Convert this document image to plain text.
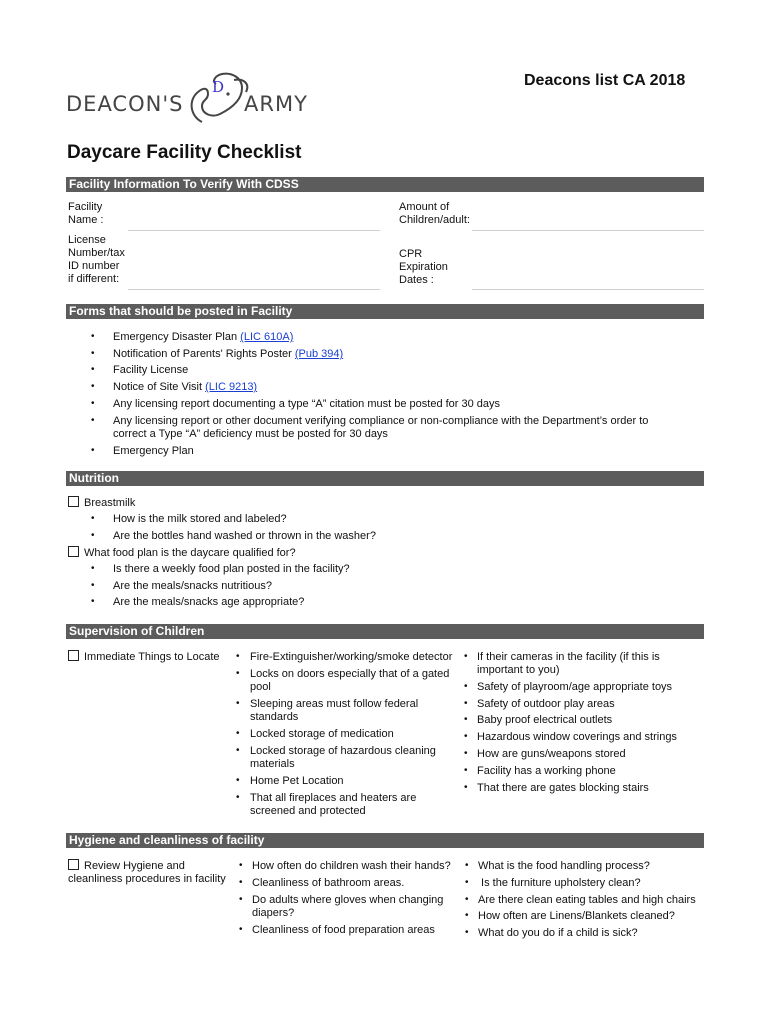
DEACON'S
D
ARMY
Deacons list CA 2018
Daycare Facility Checklist
Facility Information To Verify With CDSS
Facility
Name :
Amount of
Children/adult:
License
Number/tax
ID number
if different:
CPR
Expiration
Dates :
Forms that should be posted in Facility
• Emergency Disaster Plan (LIC 610A)
• Notification of Parents' Rights Poster (Pub 394)
• Facility License
• Notice of Site Visit (LIC 9213)
• Any licensing report documenting a type “A” citation must be posted for 30 days
• Any licensing report or other document verifying compliance or non-compliance with the Department’s order to
correct a Type “A” deficiency must be posted for 30 days
• Emergency Plan
Nutrition
Breastmilk
• How is the milk stored and labeled?
• Are the bottles hand washed or thrown in the washer?
What food plan is the daycare qualified for?
• Is there a weekly food plan posted in the facility?
• Are the meals/snacks nutritious?
• Are the meals/snacks age appropriate?
Supervision of Children
Immediate Things to Locate • Fire-Extinguisher/working/smoke detector
• Locks on doors especially that of a gated
pool
• Sleeping areas must follow federal
standards
• Locked storage of medication
• Locked storage of hazardous cleaning
materials
• Home Pet Location
• That all fireplaces and heaters are
screened and protected
• If their cameras in the facility (if this is
important to you)
• Safety of playroom/age appropriate toys
• Safety of outdoor play areas
• Baby proof electrical outlets
• Hazardous window coverings and strings
• How are guns/weapons stored
• Facility has a working phone
• That there are gates blocking stairs
Hygiene and cleanliness of facility
Review Hygiene and
cleanliness procedures in facility
• How often do children wash their hands?
• Cleanliness of bathroom areas.
• Do adults where gloves when changing
diapers?
• Cleanliness of food preparation areas
• What is the food handling process?
• Is the furniture upholstery clean?
• Are there clean eating tables and high chairs
• How often are Linens/Blankets cleaned?
• What do you do if a child is sick?
